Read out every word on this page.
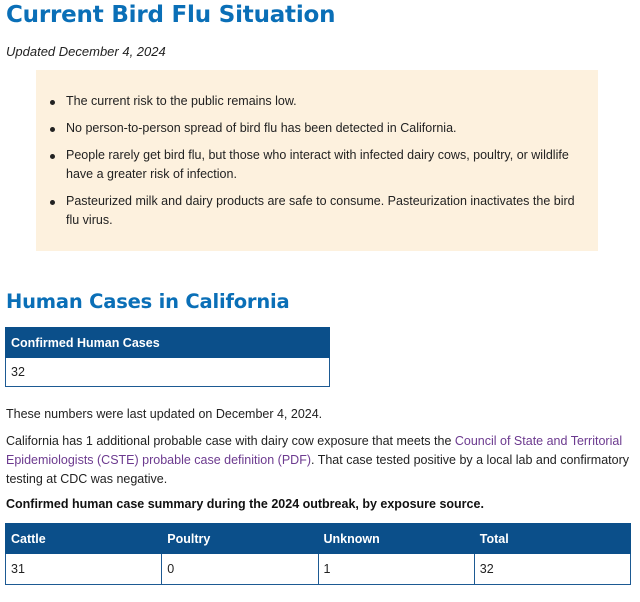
Current Bird Flu Situation
Updated December 4, 2024
The current risk to the public remains low.
No person-to-person spread of bird flu has been detected in California.
People rarely get bird flu, but those who interact with infected dairy cows, poultry, or wildlife have a greater risk of infection.
Pasteurized milk and dairy products are safe to consume. Pasteurization inactivates the bird flu virus.
Human Cases in California
Confirmed Human Cases
32
These numbers were last updated on December 4, 2024.
California has 1 additional probable case with dairy cow exposure that meets the Council of State and Territorial Epidemiologists (CSTE) probable case definition (PDF). That case tested positive by a local lab and confirmatory testing at CDC was negative.
Confirmed human case summary during the 2024 outbreak, by exposure source.
Cattle	Poultry	Unknown	Total
31	0	1	32
